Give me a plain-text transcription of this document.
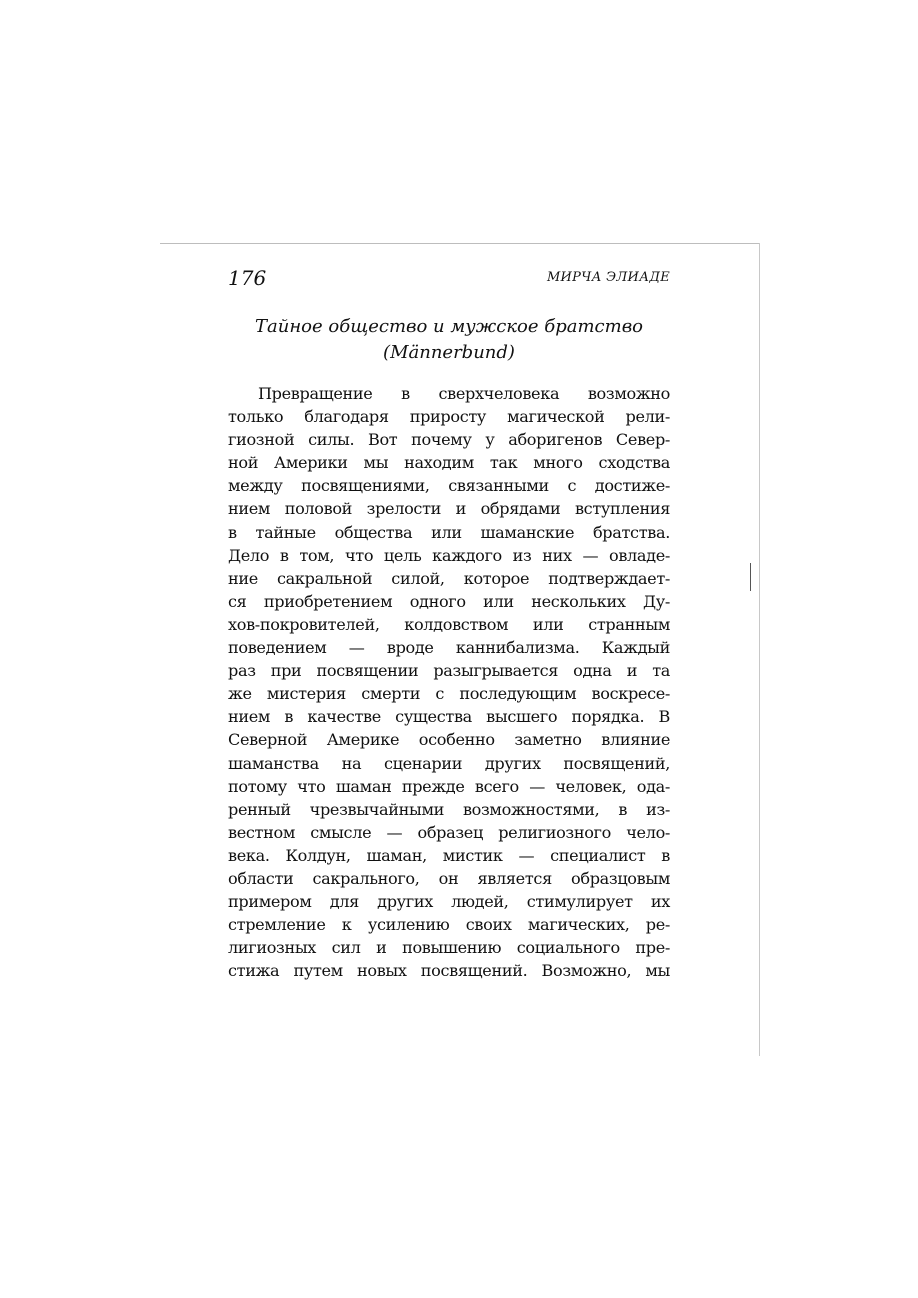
176	МИРЧА ЭЛИАДЕ
Тайное общество и мужское братство
(Männerbund)
Превращение в сверхчеловека возможно
только благодаря приросту магической рели-
гиозной силы. Вот почему у аборигенов Север-
ной Америки мы находим так много сходства
между посвящениями, связанными с достиже-
нием половой зрелости и обрядами вступления
в тайные общества или шаманские братства.
Дело в том, что цель каждого из них — овладе-
ние сакральной силой, которое подтверждает-
ся приобретением одного или нескольких Ду-
хов-покровителей, колдовством или странным
поведением — вроде каннибализма. Каждый
раз при посвящении разыгрывается одна и та
же мистерия смерти с последующим воскресе-
нием в качестве существа высшего порядка. В
Северной Америке особенно заметно влияние
шаманства на сценарии других посвящений,
потому что шаман прежде всего — человек, ода-
ренный чрезвычайными возможностями, в из-
вестном смысле — образец религиозного чело-
века. Колдун, шаман, мистик — специалист в
области сакрального, он является образцовым
примером для других людей, стимулирует их
стремление к усилению своих магических, ре-
лигиозных сил и повышению социального пре-
стижа путем новых посвящений. Возможно, мы
